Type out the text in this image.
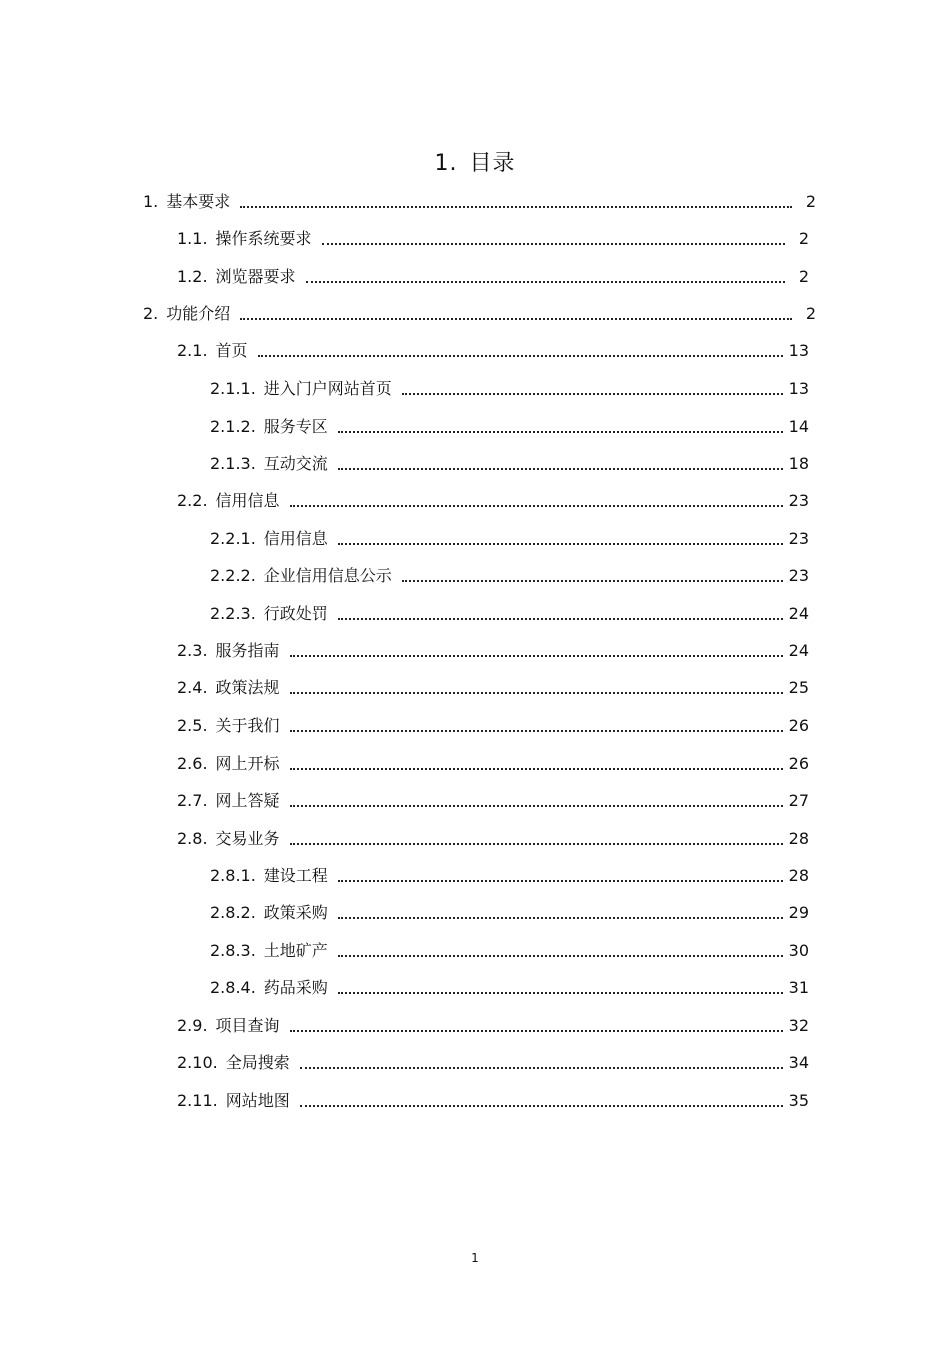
1. 目录
1. 基本要求	2
1.1. 操作系统要求	2
1.2. 浏览器要求	2
2. 功能介绍	2
2.1. 首页	13
2.1.1. 进入门户网站首页	13
2.1.2. 服务专区	14
2.1.3. 互动交流	18
2.2. 信用信息	23
2.2.1. 信用信息	23
2.2.2. 企业信用信息公示	23
2.2.3. 行政处罚	24
2.3. 服务指南	24
2.4. 政策法规	25
2.5. 关于我们	26
2.6. 网上开标	26
2.7. 网上答疑	27
2.8. 交易业务	28
2.8.1. 建设工程	28
2.8.2. 政策采购	29
2.8.3. 土地矿产	30
2.8.4. 药品采购	31
2.9. 项目查询	32
2.10. 全局搜索	34
2.11. 网站地图	35
1
